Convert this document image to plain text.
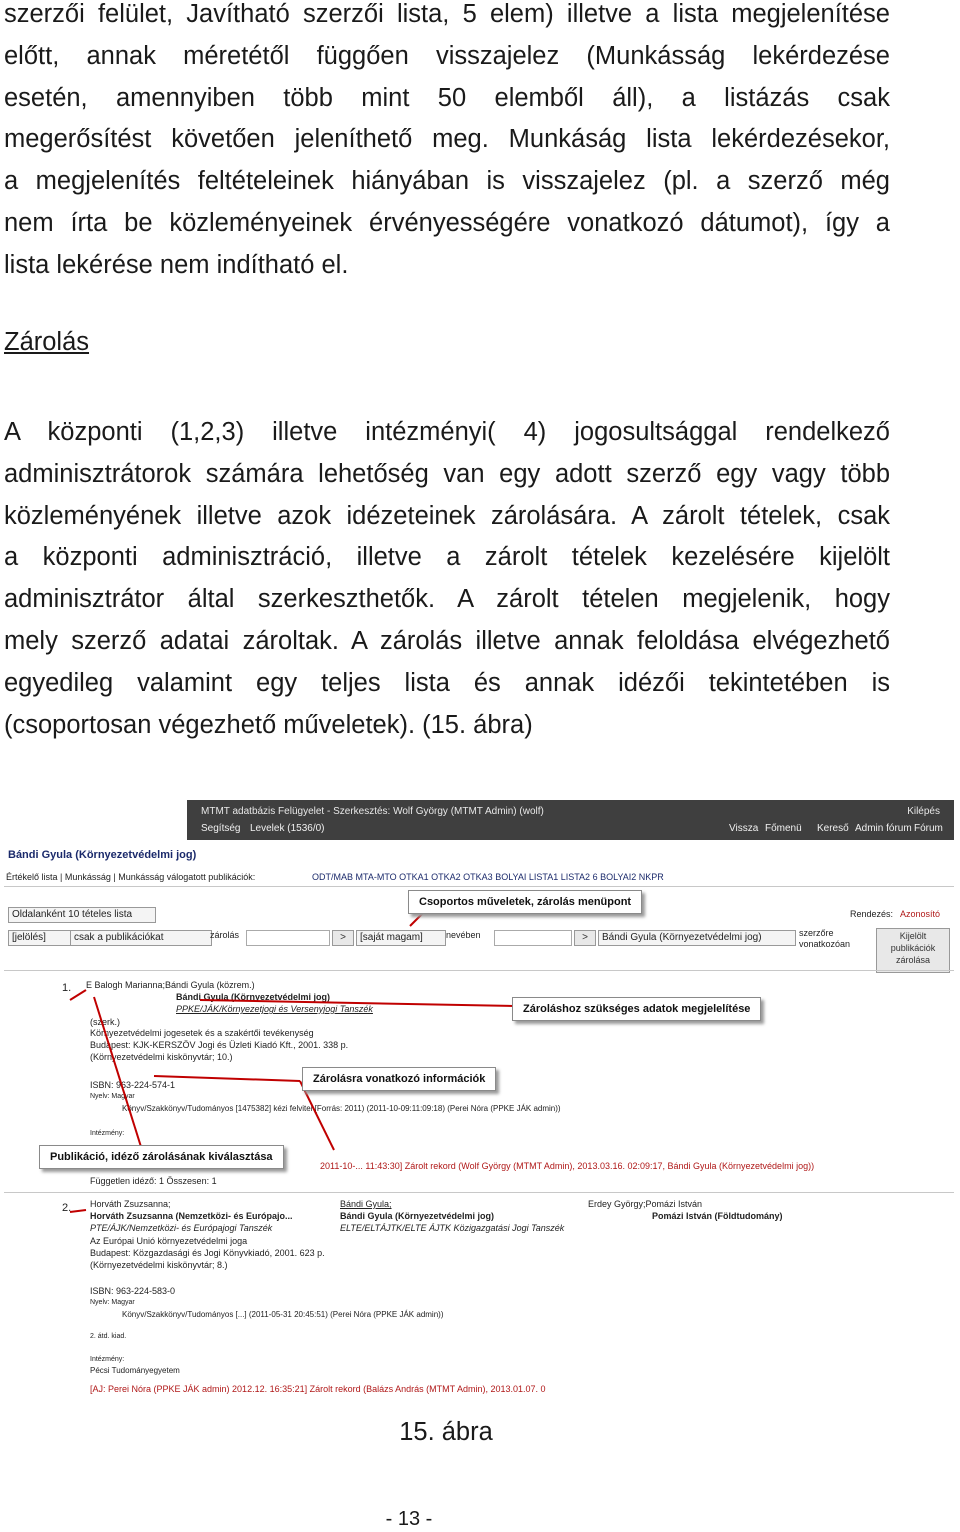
szerzői felület, Javítható szerzői lista, 5 elem) illetve a lista megjelenítése
előtt, annak méretétől függően visszajelez (Munkásság lekérdezése
esetén, amennyiben több mint 50 elemből áll), a listázás csak
megerősítést követően jeleníthető meg. Munkáság lista lekérdezésekor,
a megjelenítés feltételeinek hiányában is visszajelez (pl. a szerző még
nem írta be közleményeinek érvényességére vonatkozó dátumot), így a
lista lekérése nem indítható el.
Zárolás
A központi (1,2,3) illetve intézményi( 4) jogosultsággal rendelkező
adminisztrátorok számára lehetőség van egy adott szerző egy vagy több
közleményének illetve azok idézeteinek zárolására. A zárolt tételek, csak
a központi adminisztráció, illetve a zárolt tételek kezelésére kijelölt
adminisztrátor által szerkeszthetők. A zárolt tételen megjelenik, hogy
mely szerző adatai zároltak. A zárolás illetve annak feloldása elvégezhető
egyedileg valamint egy teljes lista és annak idézői tekintetében is
(csoportosan végezhető műveletek). (15. ábra)
MTMT adatbázis Felügyelet - Szerkesztés: Wolf György (MTMT Admin) (wolf)	Kilépés
Segítség Levelek (1536/0)	Vissza Főmenü Kereső Admin fórum Fórum
Bándi Gyula (Környezetvédelmi jog)
Értékelő lista | Munkásság | Munkásság válogatott publikációk:	ODT/MAB MTA-MTO OTKA1 OTKA2 OTKA3 BOLYAI LISTA1 LISTA2 6 BOLYAI2 NKPR
Oldalanként 10 tételes lista	Rendezés: Azonosító
[jelölés]	csak a publikációkat	zárolás	>	[saját magam]	nevében	>	Bándi Gyula (Környezetvédelmi jog)	szerzőre vonatkozóan
Kijelölt publikációk zárolása
1. E Balogh Marianna;Bándi Gyula (közrem.)
Bándi Gyula (Környezetvédelmi jog)
PPKE/JÁK/Környezetjogi és Versenyjogi Tanszék
(szerk.)
Környezetvédelmi jogesetek és a szakértői tevékenység
Budapest: KJK-KERSZÖV Jogi és Üzleti Kiadó Kft., 2001. 338 p.
(Környezetvédelmi kiskönyvtár; 10.)
ISBN: 963-224-574-1
Nyelv: Magyar
Könyv/Szakkönyv/Tudományos [1475382] kézi felvitel [Forrás: 2011) (2011-10-09:11:09:18) (Perei Nóra (PPKE JÁK admin))
Intézmény:
2011-10-... 11:43:30] Zárolt rekord (Wolf György (MTMT Admin), 2013.03.16. 02:09:17, Bándi Gyula (Környezetvédelmi jog))
Független idéző: 1 Összesen: 1
2. Horváth Zsuzsanna;
Horváth Zsuzsanna (Nemzetközi- és Európajo...
PTE/ÁJK/Nemzetközi- és Európajogi Tanszék
Bándi Gyula;
Bándi Gyula (Környezetvédelmi jog)
ELTE/ELTÁJTK/ELTE ÁJTK Közigazgatási Jogi Tanszék
Erdey György;Pomázi István
Pomázi István (Földtudomány)
Az Európai Unió környezetvédelmi joga
Budapest: Közgazdasági és Jogi Könyvkiadó, 2001. 623 p.
(Környezetvédelmi kiskönyvtár; 8.)
ISBN: 963-224-583-0
Nyelv: Magyar
Könyv/Szakkönyv/Tudományos [...] (2011-05-31 20:45:51) (Perei Nóra (PPKE JÁK admin))
2. átd. kiad.
Intézmény:
Pécsi Tudományegyetem
[AJ: Perei Nóra (PPKE JÁK admin) 2012.12. 16:35:21] Zárolt rekord (Balázs András (MTMT Admin), 2013.01.07. 0
Csoportos műveletek, zárolás menüpont
Zároláshoz szükséges adatok megjelelítése
Zárolásra vonatkozó információk
Publikáció, idéző zárolásának kiválasztása
15. ábra
- 13 -
